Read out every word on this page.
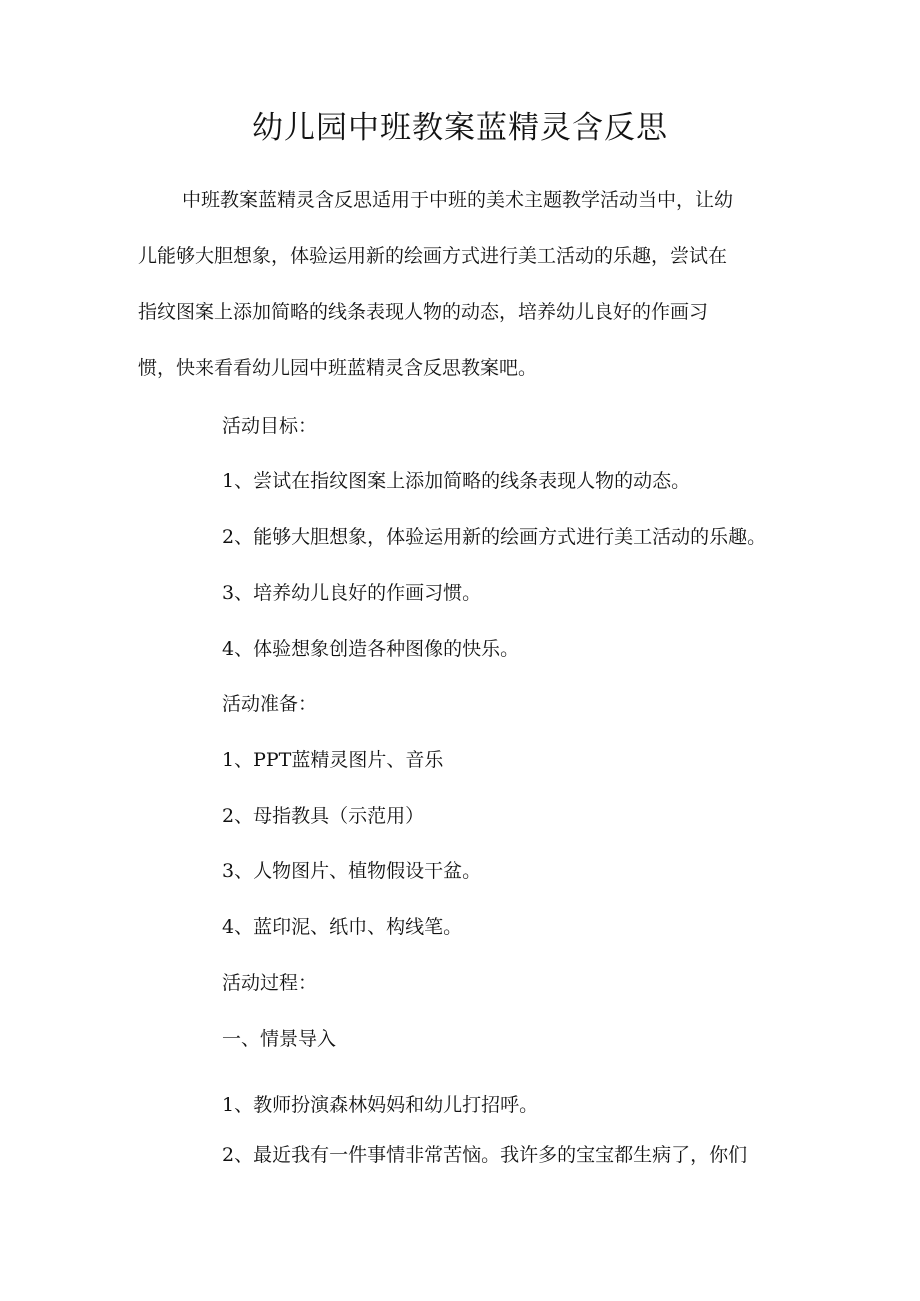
幼儿园中班教案蓝精灵含反思

中班教案蓝精灵含反思适用于中班的美术主题教学活动当中，让幼

儿能够大胆想象，体验运用新的绘画方式进行美工活动的乐趣，尝试在

指纹图案上添加简略的线条表现人物的动态，培养幼儿良好的作画习

惯，快来看看幼儿园中班蓝精灵含反思教案吧。

活动目标：

1、尝试在指纹图案上添加简略的线条表现人物的动态。

2、能够大胆想象，体验运用新的绘画方式进行美工活动的乐趣。

3、培养幼儿良好的作画习惯。

4、体验想象创造各种图像的快乐。

活动准备：

1、PPT蓝精灵图片、音乐

2、母指教具（示范用）

3、人物图片、植物假设干盆。

4、蓝印泥、纸巾、构线笔。

活动过程：

一、情景导入

1、教师扮演森林妈妈和幼儿打招呼。

2、最近我有一件事情非常苦恼。我许多的宝宝都生病了，你们
